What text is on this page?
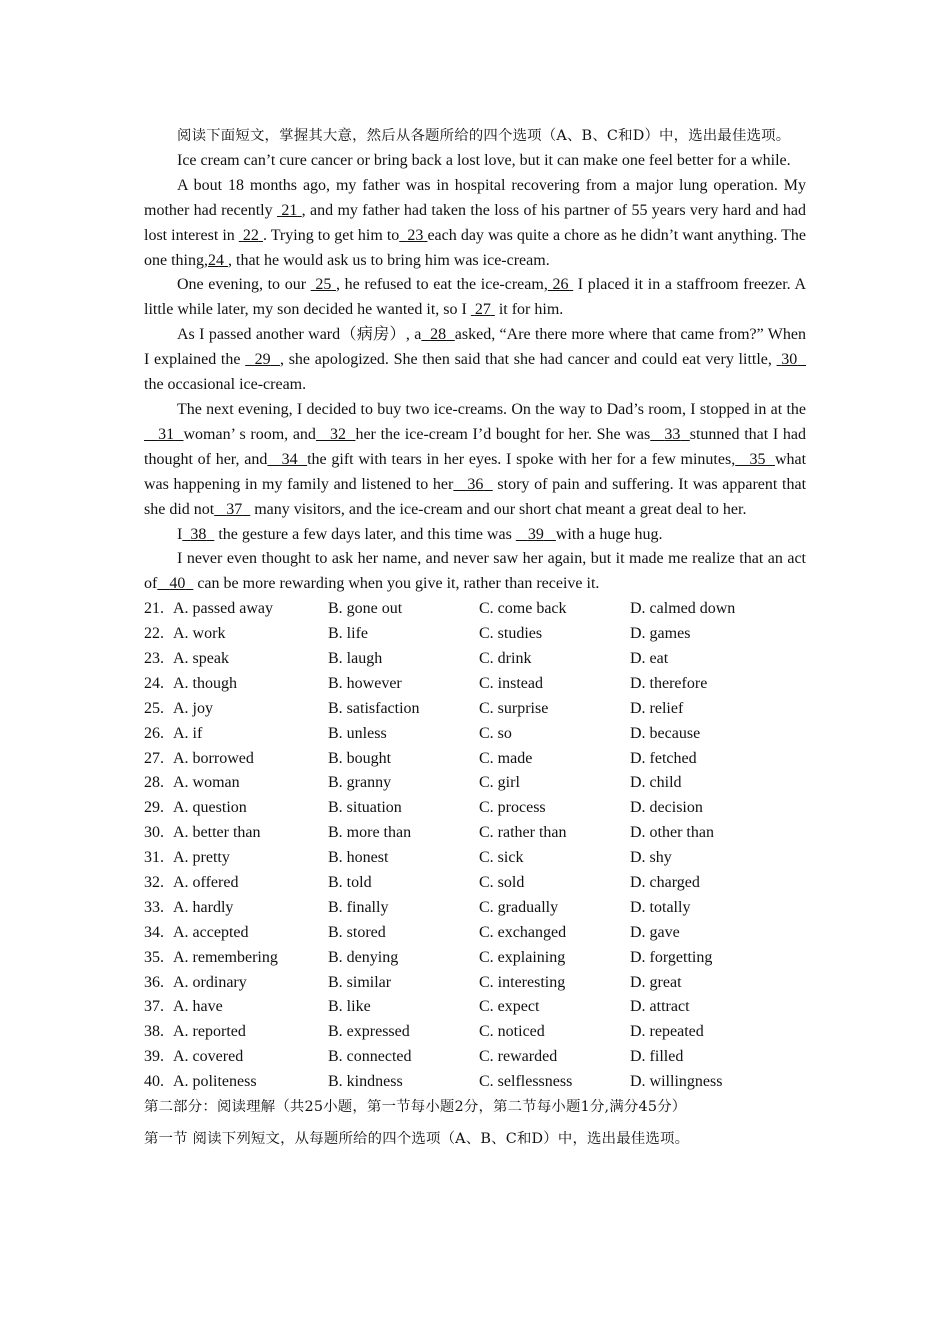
阅读下面短文，掌握其大意，然后从各题所给的四个选项（A、B、C和D）中，选出最佳选项。

Ice cream can’t cure cancer or bring back a lost love, but it can make one feel better for a while.

A bout 18 months ago, my father was in hospital recovering from a major lung operation. My mother had recently  21 , and my father had taken the loss of his partner of 55 years very hard and had lost interest in  22 . Trying to get him to 23 each day was quite a chore as he didn’t want anything. The one thing,24 , that he would ask us to bring him was ice-cream.

One evening, to our  25 , he refused to eat the ice-cream, 26  I placed it in a staffroom freezer. A little while later, my son decided he wanted it, so I  27  it for him.

As I passed another ward（病房）, a 28 asked, “Are there more where that came from?” When I explained the   29 , she apologized. She then said that she had cancer and could eat very little,  30   the occasional ice-cream.

The next evening, I decided to buy two ice-creams. On the way to Dad’s room, I stopped in at the   31 woman’ s room, and 32 her the ice-cream I’d bought for her. She was 33 stunned that I had thought of her, and 34 the gift with tears in her eyes. I spoke with her for a few minutes, 35 what was happening in my family and listened to her 36   story of pain and suffering. It was apparent that she did not 37   many visitors, and the ice-cream and our short chat meant a great deal to her.

I 38   the gesture a few days later, and this time was    39 with a huge hug.

I never even thought to ask her name, and never saw her again, but it made me realize that an act of 40   can be more rewarding when you give it, rather than receive it.

21. A. passed away	B. gone out	C. come back	D. calmed down
22. A. work	B. life	C. studies	D. games
23. A. speak	B. laugh	C. drink	D. eat
24. A. though	B. however	C. instead	D. therefore
25. A. joy	B. satisfaction	C. surprise	D. relief
26. A. if	B. unless	C. so	D. because
27. A. borrowed	B. bought	C. made	D. fetched
28. A. woman	B. granny	C. girl	D. child
29. A. question	B. situation	C. process	D. decision
30. A. better than	B. more than	C. rather than	D. other than
31. A. pretty	B. honest	C. sick	D. shy
32. A. offered	B. told	C. sold	D. charged
33. A. hardly	B. finally	C. gradually	D. totally
34. A. accepted	B. stored	C. exchanged	D. gave
35. A. remembering	B. denying	C. explaining	D. forgetting
36. A. ordinary	B. similar	C. interesting	D. great
37. A. have	B. like	C. expect	D. attract
38. A. reported	B. expressed	C. noticed	D. repeated
39. A. covered	B. connected	C. rewarded	D. filled
40. A. politeness	B. kindness	C. selflessness	D. willingness

第二部分：阅读理解（共25小题，第一节每小题2分，第二节每小题1分,满分45分）

第一节 阅读下列短文，从每题所给的四个选项（A、B、C和D）中，选出最佳选项。
